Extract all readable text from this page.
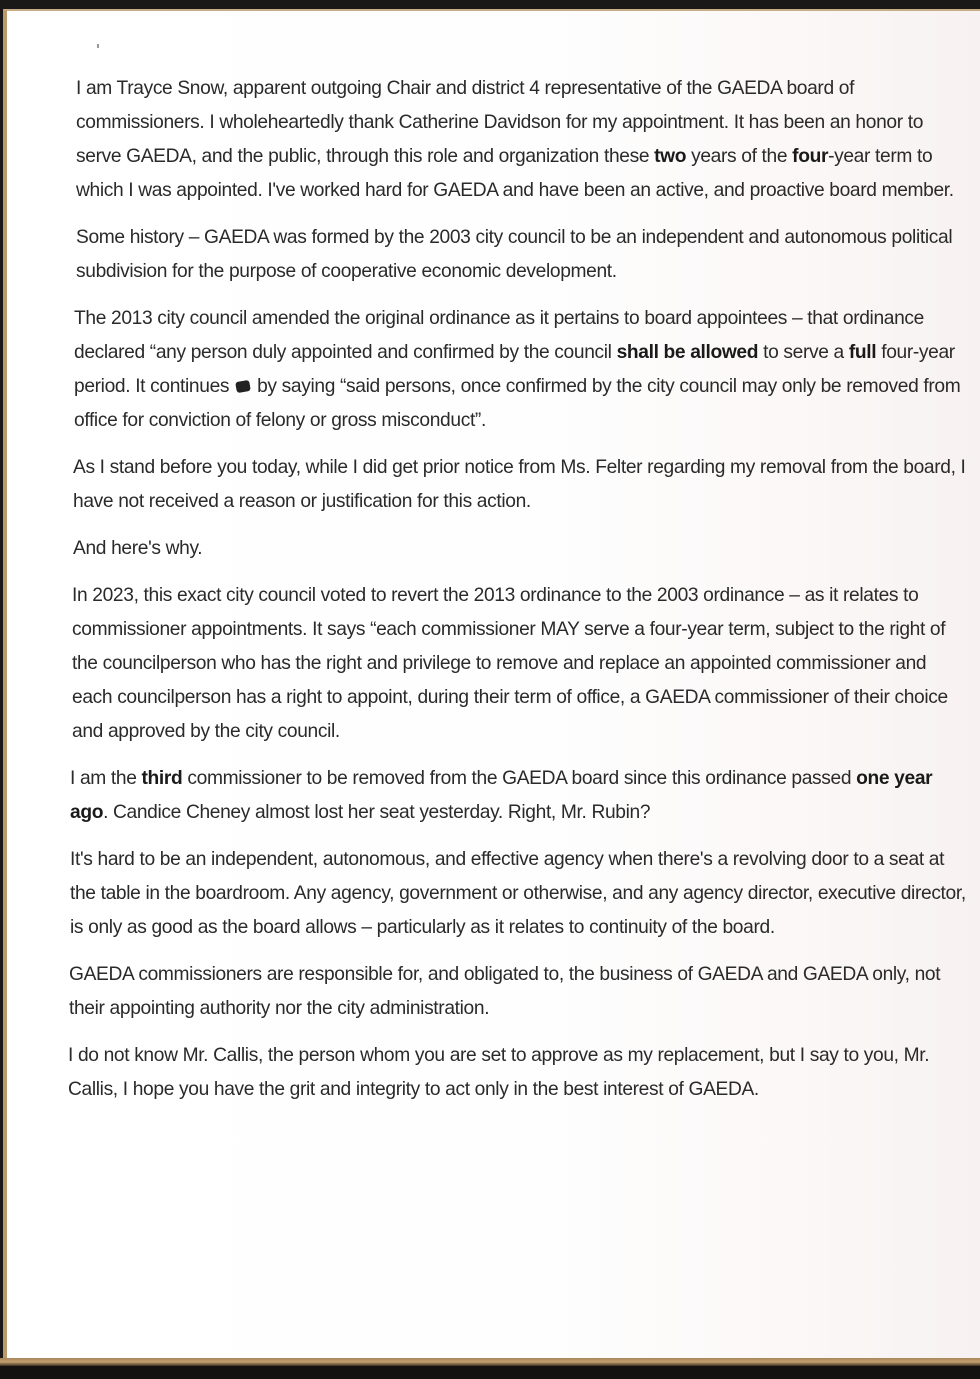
I am Trayce Snow, apparent outgoing Chair and district 4 representative of the GAEDA board of commissioners. I wholeheartedly thank Catherine Davidson for my appointment. It has been an honor to serve GAEDA, and the public, through this role and organization these two years of the four-year term to which I was appointed. I've worked hard for GAEDA and have been an active, and proactive board member.

Some history – GAEDA was formed by the 2003 city council to be an independent and autonomous political subdivision for the purpose of cooperative economic development.

The 2013 city council amended the original ordinance as it pertains to board appointees – that ordinance declared “any person duly appointed and confirmed by the council shall be allowed to serve a full four-year period. It continues  by saying “said persons, once confirmed by the city council may only be removed from office for conviction of felony or gross misconduct”.

As I stand before you today, while I did get prior notice from Ms. Felter regarding my removal from the board, I have not received a reason or justification for this action.

And here's why.

In 2023, this exact city council voted to revert the 2013 ordinance to the 2003 ordinance – as it relates to commissioner appointments. It says “each commissioner MAY serve a four-year term, subject to the right of the councilperson who has the right and privilege to remove and replace an appointed commissioner and each councilperson has a right to appoint, during their term of office, a GAEDA commissioner of their choice and approved by the city council.

I am the third commissioner to be removed from the GAEDA board since this ordinance passed one year ago. Candice Cheney almost lost her seat yesterday. Right, Mr. Rubin?

It's hard to be an independent, autonomous, and effective agency when there's a revolving door to a seat at the table in the boardroom. Any agency, government or otherwise, and any agency director, executive director, is only as good as the board allows – particularly as it relates to continuity of the board.

GAEDA commissioners are responsible for, and obligated to, the business of GAEDA and GAEDA only, not their appointing authority nor the city administration.

I do not know Mr. Callis, the person whom you are set to approve as my replacement, but I say to you, Mr. Callis, I hope you have the grit and integrity to act only in the best interest of GAEDA.
